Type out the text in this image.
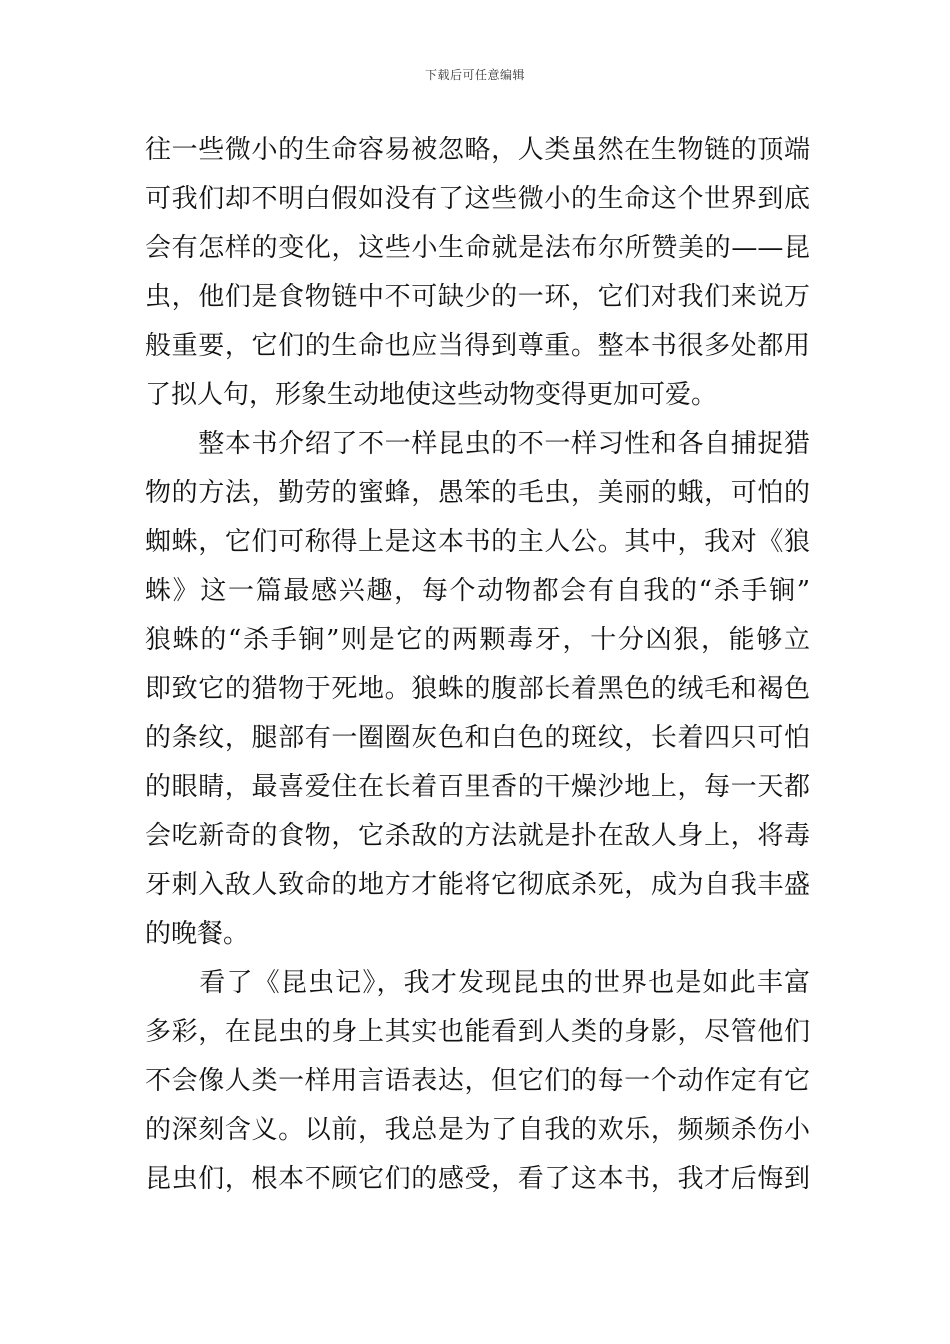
下载后可任意编辑
往一些微小的生命容易被忽略，人类虽然在生物链的顶端
可我们却不明白假如没有了这些微小的生命这个世界到底
会有怎样的变化，这些小生命就是法布尔所赞美的——昆
虫，他们是食物链中不可缺少的一环，它们对我们来说万
般重要，它们的生命也应当得到尊重。整本书很多处都用
了拟人句，形象生动地使这些动物变得更加可爱。
　　整本书介绍了不一样昆虫的不一样习性和各自捕捉猎
物的方法，勤劳的蜜蜂，愚笨的毛虫，美丽的蛾，可怕的
蜘蛛，它们可称得上是这本书的主人公。其中，我对《狼
蛛》这一篇最感兴趣，每个动物都会有自我的“杀手锏”
狼蛛的“杀手锏”则是它的两颗毒牙，十分凶狠，能够立
即致它的猎物于死地。狼蛛的腹部长着黑色的绒毛和褐色
的条纹，腿部有一圈圈灰色和白色的斑纹，长着四只可怕
的眼睛，最喜爱住在长着百里香的干燥沙地上，每一天都
会吃新奇的食物，它杀敌的方法就是扑在敌人身上，将毒
牙刺入敌人致命的地方才能将它彻底杀死，成为自我丰盛
的晚餐。
　　看了《昆虫记》，我才发现昆虫的世界也是如此丰富
多彩，在昆虫的身上其实也能看到人类的身影，尽管他们
不会像人类一样用言语表达，但它们的每一个动作定有它
的深刻含义。以前，我总是为了自我的欢乐，频频杀伤小
昆虫们，根本不顾它们的感受，看了这本书，我才后悔到
